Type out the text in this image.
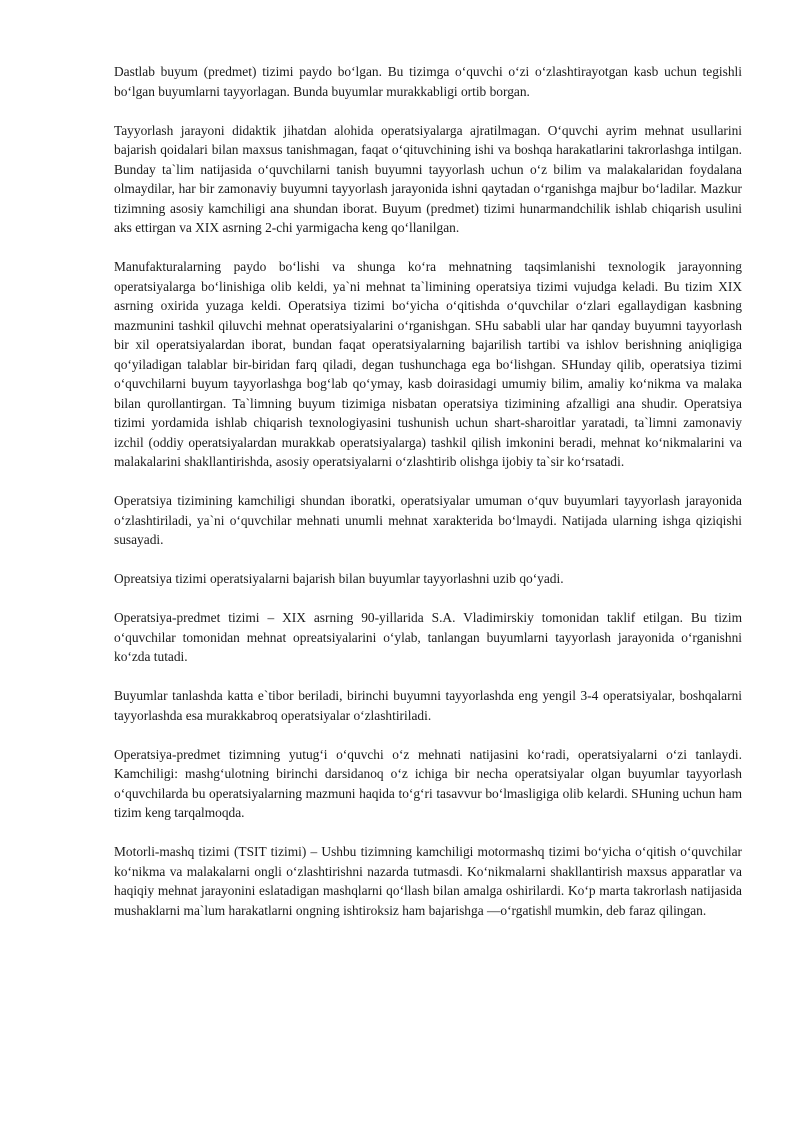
Dastlab buyum (predmet) tizimi paydo bo‘lgan. Bu tizimga o‘quvchi o‘zi o‘zlashtirayotgan kasb uchun tegishli bo‘lgan buyumlarni tayyorlagan. Bunda buyumlar murakkabligi ortib borgan.

Tayyorlash jarayoni didaktik jihatdan alohida operatsiyalarga ajratilmagan. O‘quvchi ayrim mehnat usullarini bajarish qoidalari bilan maxsus tanishmagan, faqat o‘qituvchining ishi va boshqa harakatlarini takrorlashga intilgan. Bunday ta`lim natijasida o‘quvchilarni tanish buyumni tayyorlash uchun o‘z bilim va malakalaridan foydalana olmaydilar, har bir zamonaviy buyumni tayyorlash jarayonida ishni qaytadan o‘rganishga majbur bo‘ladilar. Mazkur tizimning asosiy kamchiligi ana shundan iborat. Buyum (predmet) tizimi hunarmandchilik ishlab chiqarish usulini aks ettirgan va XIX asrning 2-chi yarmigacha keng qo‘llanilgan.

Manufakturalarning paydo bo‘lishi va shunga ko‘ra mehnatning taqsimlanishi texnologik jarayonning operatsiyalarga bo‘linishiga olib keldi, ya`ni mehnat ta`limining operatsiya tizimi vujudga keladi. Bu tizim XIX asrning oxirida yuzaga keldi. Operatsiya tizimi bo‘yicha o‘qitishda o‘quvchilar o‘zlari egallaydigan kasbning mazmunini tashkil qiluvchi mehnat operatsiyalarini o‘rganishgan. SHu sababli ular har qanday buyumni tayyorlash bir xil operatsiyalardan iborat, bundan faqat operatsiyalarning bajarilish tartibi va ishlov berishning aniqligiga qo‘yiladigan talablar bir-biridan farq qiladi, degan tushunchaga ega bo‘lishgan. SHunday qilib, operatsiya tizimi o‘quvchilarni buyum tayyorlashga bog‘lab qo‘ymay, kasb doirasidagi umumiy bilim, amaliy ko‘nikma va malaka bilan qurollantirgan. Ta`limning buyum tizimiga nisbatan operatsiya tizimining afzalligi ana shudir. Operatsiya tizimi yordamida ishlab chiqarish texnologiyasini tushunish uchun shart-sharoitlar yaratadi, ta`limni zamonaviy izchil (oddiy operatsiyalardan murakkab operatsiyalarga) tashkil qilish imkonini beradi, mehnat ko‘nikmalarini va malakalarini shakllantirishda, asosiy operatsiyalarni o‘zlashtirib olishga ijobiy ta`sir ko‘rsatadi.

Operatsiya tizimining kamchiligi shundan iboratki, operatsiyalar umuman o‘quv buyumlari tayyorlash jarayonida o‘zlashtiriladi, ya`ni o‘quvchilar mehnati unumli mehnat xarakterida bo‘lmaydi. Natijada ularning ishga qiziqishi susayadi.

Opreatsiya tizimi operatsiyalarni bajarish bilan buyumlar tayyorlashni uzib qo‘yadi.

Operatsiya-predmet tizimi – XIX asrning 90-yillarida S.A. Vladimirskiy tomonidan taklif etilgan. Bu tizim o‘quvchilar tomonidan mehnat opreatsiyalarini o‘ylab, tanlangan buyumlarni tayyorlash jarayonida o‘rganishni ko‘zda tutadi.

Buyumlar tanlashda katta e`tibor beriladi, birinchi buyumni tayyorlashda eng yengil 3-4 operatsiyalar, boshqalarni tayyorlashda esa murakkabroq operatsiyalar o‘zlashtiriladi.

Operatsiya-predmet tizimning yutug‘i o‘quvchi o‘z mehnati natijasini ko‘radi, operatsiyalarni o‘zi tanlaydi. Kamchiligi: mashg‘ulotning birinchi darsidanoq o‘z ichiga bir necha operatsiyalar olgan buyumlar tayyorlash o‘quvchilarda bu operatsiyalarning mazmuni haqida to‘g‘ri tasavvur bo‘lmasligiga olib kelardi. SHuning uchun ham tizim keng tarqalmoqda.

Motorli-mashq tizimi (TSIT tizimi) – Ushbu tizimning kamchiligi motormashq tizimi bo‘yicha o‘qitish o‘quvchilar ko‘nikma va malakalarni ongli o‘zlashtirishni nazarda tutmasdi. Ko‘nikmalarni shakllantirish maxsus apparatlar va haqiqiy mehnat jarayonini eslatadigan mashqlarni qo‘llash bilan amalga oshirilardi. Ko‘p marta takrorlash natijasida mushaklarni ma`lum harakatlarni ongning ishtiroksiz ham bajarishga ―o‘rgatish‖ mumkin, deb faraz qilingan.
